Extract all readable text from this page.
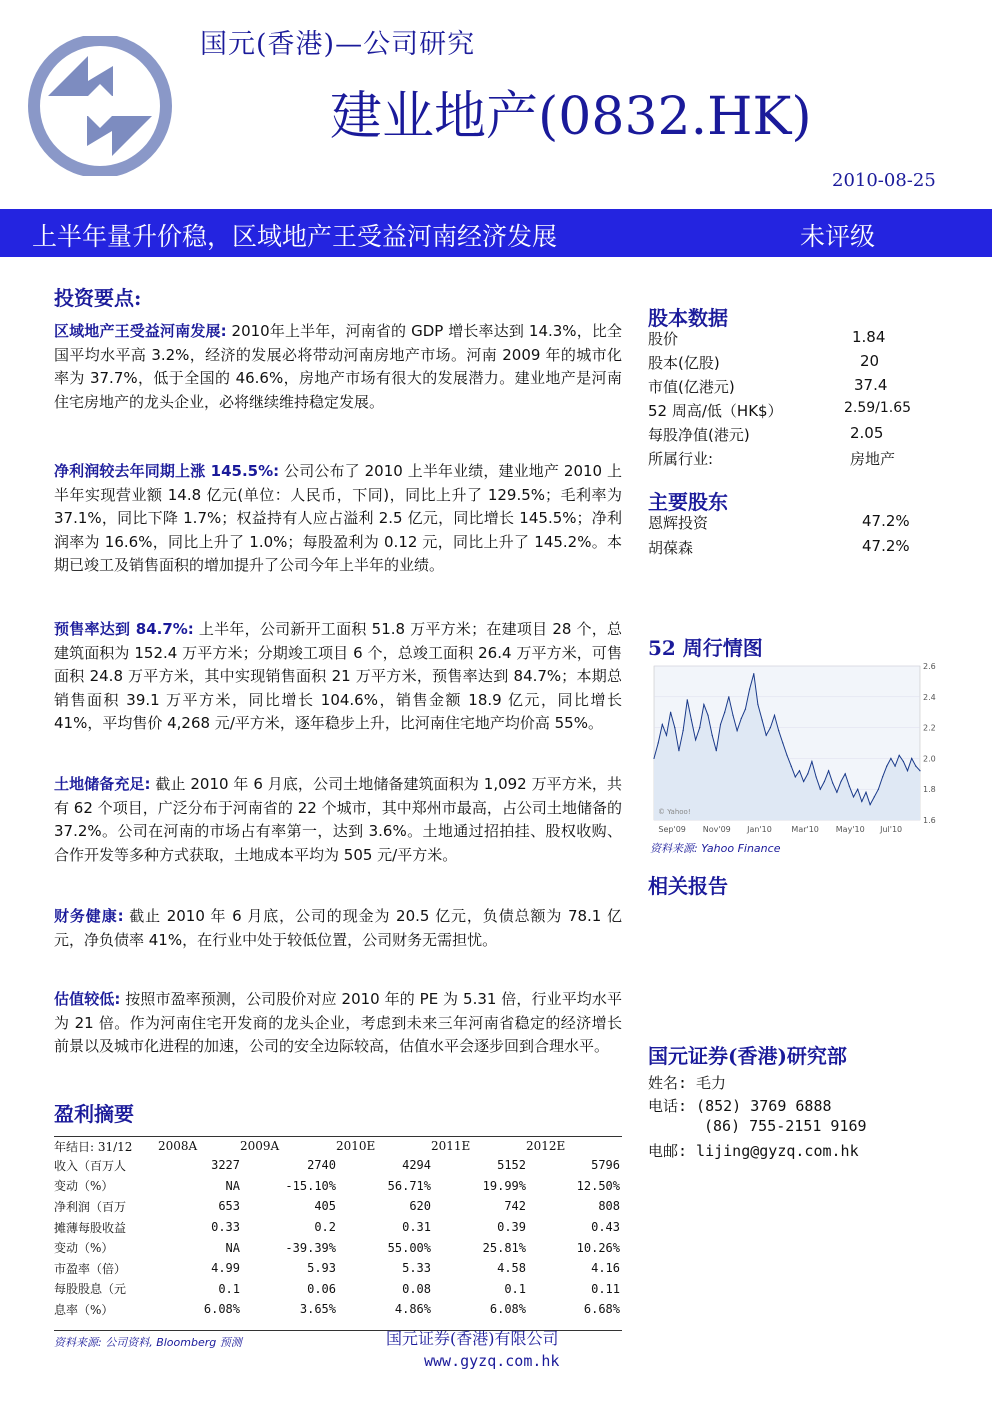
国元(香港)—公司研究
建业地产(0832.HK)
2010-08-25
上半年量升价稳，区域地产王受益河南经济发展	未评级
投资要点:
区域地产王受益河南发展: 2010年上半年，河南省的 GDP 增长率达到 14.3%，比全国平均水平高 3.2%，经济的发展必将带动河南房地产市场。河南 2009 年的城市化率为 37.7%，低于全国的 46.6%，房地产市场有很大的发展潜力。建业地产是河南住宅房地产的龙头企业，必将继续维持稳定发展。
净利润较去年同期上涨 145.5%: 公司公布了 2010 上半年业绩，建业地产 2010 上半年实现营业额 14.8 亿元(单位：人民币，下同)，同比上升了 129.5%；毛利率为 37.1%，同比下降 1.7%；权益持有人应占溢利 2.5 亿元，同比增长 145.5%；净利润率为 16.6%，同比上升了 1.0%；每股盈利为 0.12 元，同比上升了 145.2%。本期已竣工及销售面积的增加提升了公司今年上半年的业绩。
预售率达到 84.7%: 上半年，公司新开工面积 51.8 万平方米；在建项目 28 个，总建筑面积为 152.4 万平方米；分期竣工项目 6 个，总竣工面积 26.4 万平方米，可售面积 24.8 万平方米，其中实现销售面积 21 万平方米，预售率达到 84.7%；本期总销售面积 39.1 万平方米，同比增长 104.6%，销售金额 18.9 亿元，同比增长 41%，平均售价 4,268 元/平方米，逐年稳步上升，比河南住宅地产均价高 55%。
土地储备充足: 截止 2010 年 6 月底，公司土地储备建筑面积为 1,092 万平方米，共有 62 个项目，广泛分布于河南省的 22 个城市，其中郑州市最高，占公司土地储备的 37.2%。公司在河南的市场占有率第一，达到 3.6%。土地通过招拍挂、股权收购、合作开发等多种方式获取，土地成本平均为 505 元/平方米。
财务健康: 截止 2010 年 6 月底，公司的现金为 20.5 亿元，负债总额为 78.1 亿元，净负债率 41%，在行业中处于较低位置，公司财务无需担忧。
估值较低: 按照市盈率预测，公司股价对应 2010 年的 PE 为 5.31 倍，行业平均水平为 21 倍。作为河南住宅开发商的龙头企业，考虑到未来三年河南省稳定的经济增长前景以及城市化进程的加速，公司的安全边际较高，估值水平会逐步回到合理水平。
股本数据
股价	1.84
股本(亿股)	20
市值(亿港元)	37.4
52 周高/低（HK$）	2.59/1.65
每股净值(港元)	2.05
所属行业:	房地产
主要股东
恩辉投资	47.2%
胡葆森	47.2%
52 周行情图
1.6
1.8
2.0
2.2
2.4
2.6
Sep'09 Nov'09 Jan'10 Mar'10 May'10 Jul'10
© Yahoo!
资料来源: Yahoo Finance
相关报告
国元证券(香港)研究部
姓名: 毛力
电话: (852) 3769 6888
(86) 755-2151 9169
电邮: lijing@gyzq.com.hk
盈利摘要
年结日: 31/12	2008A	2009A	2010E	2011E	2012E
收入（百万人	3227	2740	4294	5152	5796
变动（%）	NA	-15.10%	56.71%	19.99%	12.50%
净利润（百万	653	405	620	742	808
摊薄每股收益	0.33	0.2	0.31	0.39	0.43
变动（%）	NA	-39.39%	55.00%	25.81%	10.26%
市盈率（倍）	4.99	5.93	5.33	4.58	4.16
每股股息（元	0.1	0.06	0.08	0.1	0.11
息率（%）	6.08%	3.65%	4.86%	6.08%	6.68%
资料来源: 公司资料, Bloomberg 预测	国元证券(香港)有限公司
www.gyzq.com.hk
